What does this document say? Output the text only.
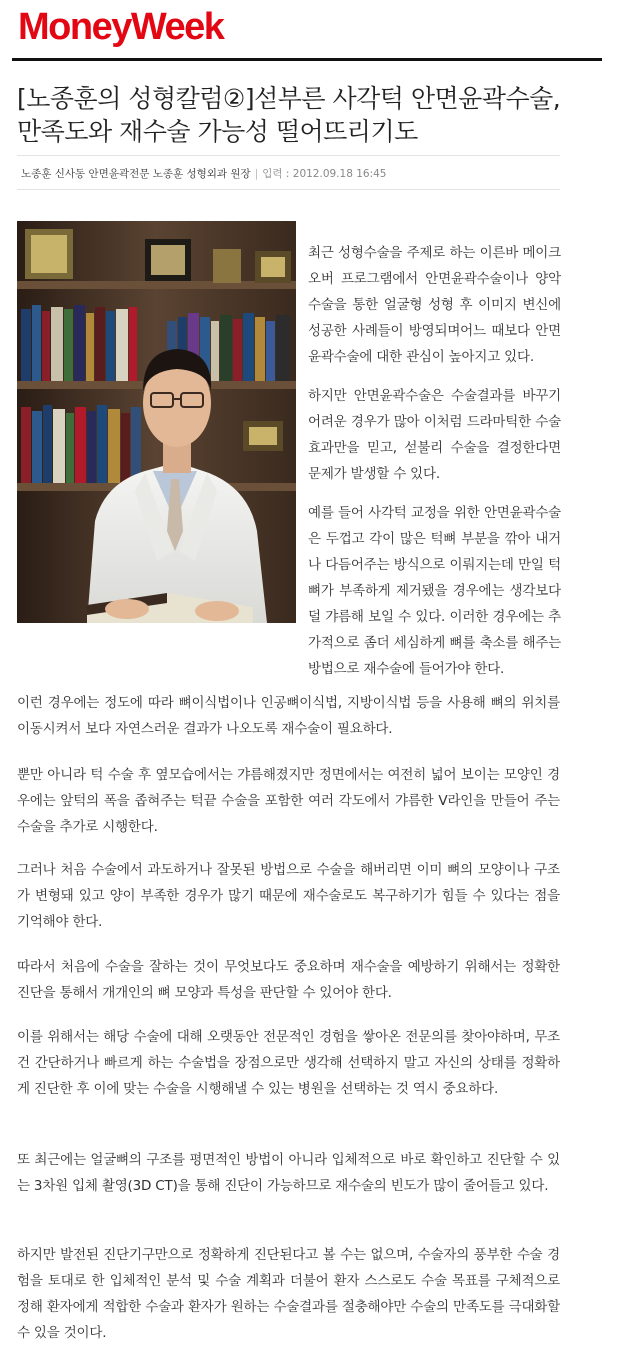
MoneyWeek
[노종훈의 성형칼럼②]섣부른 사각턱 안면윤곽수술, 만족도와 재수술 가능성 떨어뜨리기도
노종훈 신사동 안면윤곽전문 노종훈 성형외과 원장 | 입력 : 2012.09.18 16:45

최근 성형수술을 주제로 하는 이른바 메이크오버 프로그램에서 안면윤곽수술이나 양악수술을 통한 얼굴형 성형 후 이미지 변신에 성공한 사례들이 방영되며어느 때보다 안면윤곽수술에 대한 관심이 높아지고 있다.

하지만 안면윤곽수술은 수술결과를 바꾸기 어려운 경우가 많아 이처럼 드라마틱한 수술 효과만을 믿고, 섣불리 수술을 결정한다면 문제가 발생할 수 있다.

예를 들어 사각턱 교정을 위한 안면윤곽수술은 두껍고 각이 많은 턱뼈 부분을 깎아 내거나 다듬어주는 방식으로 이뤄지는데 만일 턱뼈가 부족하게 제거됐을 경우에는 생각보다 덜 갸름해 보일 수 있다. 이러한 경우에는 추가적으로 좀더 세심하게 뼈를 축소를 해주는 방법으로 재수술에 들어가야 한다.

이런 경우에는 정도에 따라 뼈이식법이나 인공뼈이식법, 지방이식법 등을 사용해 뼈의 위치를 이동시켜서 보다 자연스러운 결과가 나오도록 재수술이 필요하다.

뿐만 아니라 턱 수술 후 옆모습에서는 갸름해졌지만 정면에서는 여전히 넓어 보이는 모양인 경우에는 앞턱의 폭을 좁혀주는 턱끝 수술을 포함한 여러 각도에서 갸름한 V라인을 만들어 주는 수술을 추가로 시행한다.

그러나 처음 수술에서 과도하거나 잘못된 방법으로 수술을 해버리면 이미 뼈의 모양이나 구조가 변형돼 있고 양이 부족한 경우가 많기 때문에 재수술로도 복구하기가 힘들 수 있다는 점을 기억해야 한다.

따라서 처음에 수술을 잘하는 것이 무엇보다도 중요하며 재수술을 예방하기 위해서는 정확한 진단을 통해서 개개인의 뼈 모양과 특성을 판단할 수 있어야 한다.

이를 위해서는 해당 수술에 대해 오랫동안 전문적인 경험을 쌓아온 전문의를 찾아야하며, 무조건 간단하거나 빠르게 하는 수술법을 장점으로만 생각해 선택하지 말고 자신의 상태를 정확하게 진단한 후 이에 맞는 수술을 시행해낼 수 있는 병원을 선택하는 것 역시 중요하다.

또 최근에는 얼굴뼈의 구조를 평면적인 방법이 아니라 입체적으로 바로 확인하고 진단할 수 있는 3차원 입체 촬영(3D CT)을 통해 진단이 가능하므로 재수술의 빈도가 많이 줄어들고 있다.

하지만 발전된 진단기구만으로 정확하게 진단된다고 볼 수는 없으며, 수술자의 풍부한 수술 경험을 토대로 한 입체적인 분석 및 수술 계획과 더불어 환자 스스로도 수술 목표를 구체적으로 정해 환자에게 적합한 수술과 환자가 원하는 수술결과를 절충해야만 수술의 만족도를 극대화할 수 있을 것이다.
